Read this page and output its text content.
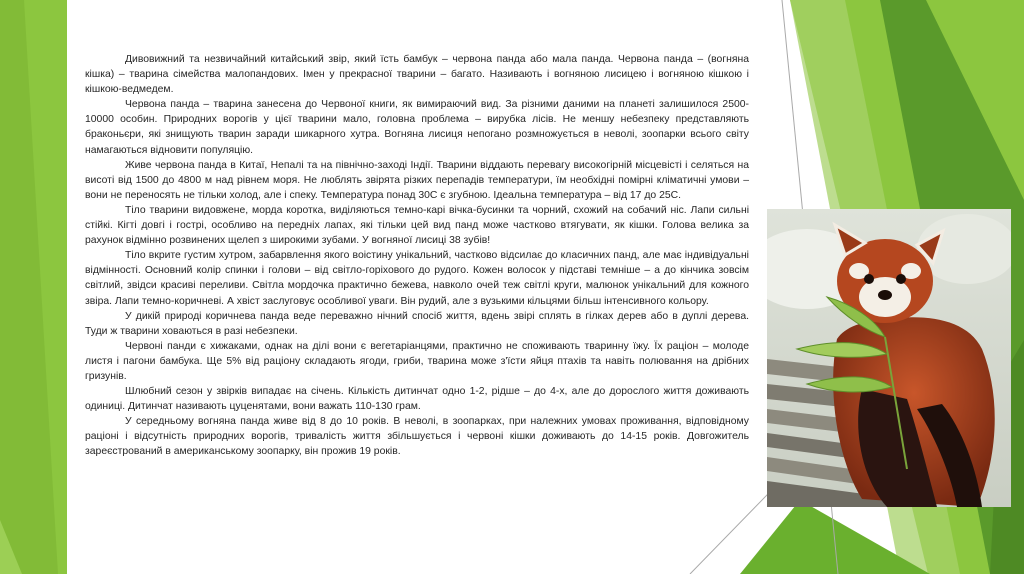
Дивовижний та незвичайний китайський звір, який їсть бамбук – червона панда або мала панда. Червона панда – (вогняна кішка) – тварина сімейства малопандових. Імен у прекрасної тварини – багато. Називають і вогняною лисицею і вогняною кішкою і кішкою-ведмедем.

Червона панда – тварина занесена до Червоної книги, як вимираючий вид. За різними даними на планеті залишилося 2500-10000 особин. Природних ворогів у цієї тварини мало, головна проблема – вирубка лісів. Не меншу небезпеку представляють браконьєри, які знищують тварин заради шикарного хутра. Вогняна лисиця непогано розмножується в неволі, зоопарки всього світу намагаються відновити популяцію.

Живе червона панда в Китаї, Непалі та на північно-заході Індії. Тварини віддають перевагу високогірній місцевісті і селяться на висоті від 1500 до 4800 м над рівнем моря. Не люблять звірята різких перепадів температури, їм необхідні помірні кліматичні умови – вони не переносять не тільки холод, але і спеку. Температура понад 30С є згубною. Ідеальна температура – від 17 до 25С.

Тіло тварини видовжене, морда коротка, виділяються темно-карі вічка-бусинки та чорний, схожий на собачий ніс. Лапи сильні стійкі. Кігті довгі і гострі, особливо на передніх лапах, які тільки цей вид панд може частково втягувати, як кішки. Голова велика за рахунок відмінно розвинених щелеп з широкими зубами. У вогняної лисиці 38 зубів!

Тіло вкрите густим хутром, забарвлення якого воістину унікальний, частково відсилає до класичних панд, але має індивідуальні відмінності. Основний колір спинки і голови – від світло-горіхового до рудого. Кожен волосок у підставі темніше – а до кінчика зовсім світлий, звідси красиві переливи. Світла мордочка практично бежева, навколо очей теж світлі круги, малюнок унікальний для кожного звіра. Лапи темно-коричневі. А хвіст заслуговує особливої уваги. Він рудий, але з вузькими кільцями більш інтенсивного кольору.

У дикій природі коричнева панда веде переважно нічний спосіб життя, вдень звірі сплять в гілках дерев або в дуплі дерева. Туди ж тварини ховаються в разі небезпеки.

Червоні панди є хижаками, однак на ділі вони є вегетаріанцями, практично не споживають тваринну їжу. Їх раціон – молоде листя і пагони бамбука. Ще 5% від раціону складають ягоди, гриби, тварина може з'їсти яйця птахів та навіть полювання на дрібних гризунів.

Шлюбний сезон у звірків випадає на січень. Кількість дитинчат одно 1-2, рідше – до 4-х, але до дорослого життя доживають одиниці. Дитинчат називають цуценятами, вони важать 110-130 грам.

У середньому вогняна панда живе від 8 до 10 років. В неволі, в зоопарках, при належних умовах проживання, відповідному раціоні і відсутність природних ворогів, тривалість життя збільшується і червоні кішки доживають до 14-15 років. Довгожитель зареєстрований в американському зоопарку, він прожив 19 років.
